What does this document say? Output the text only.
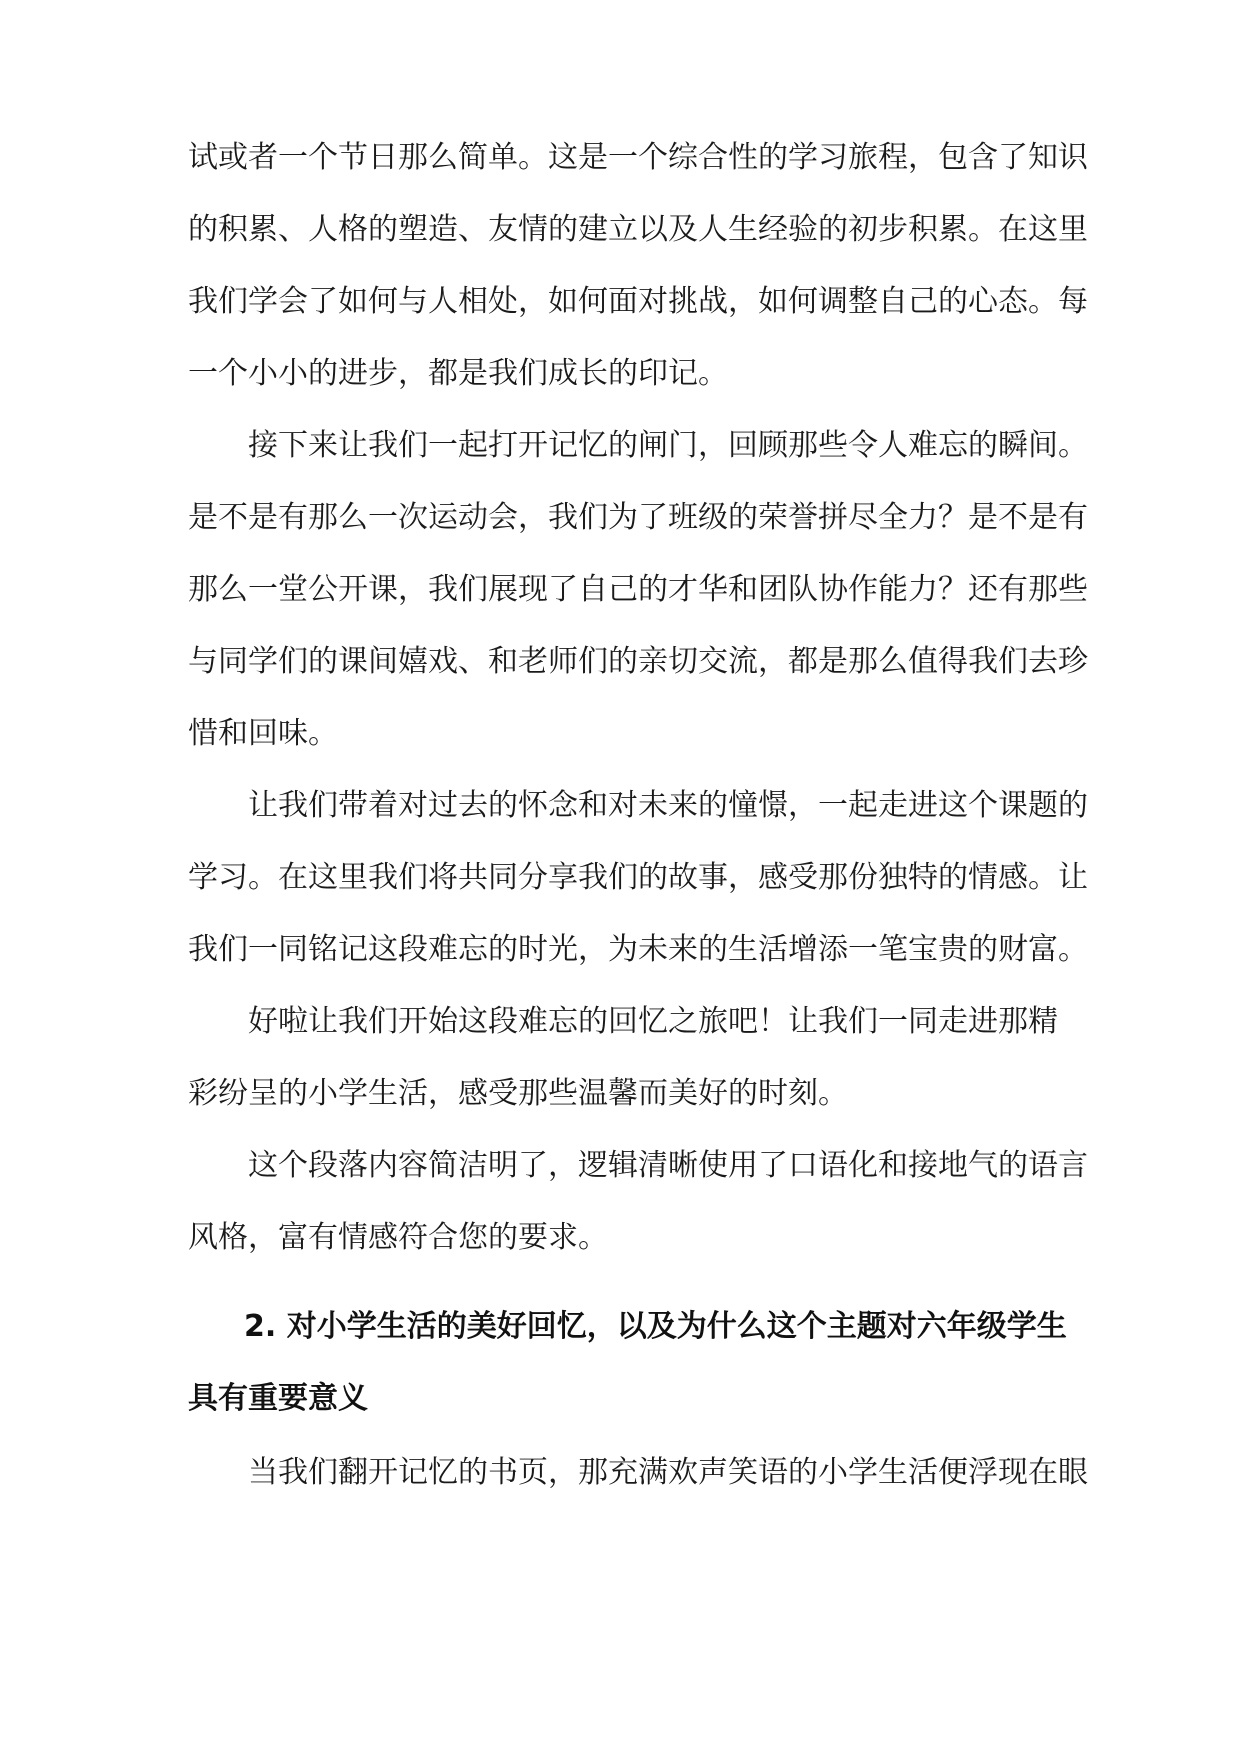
试或者一个节日那么简单。这是一个综合性的学习旅程，包含了知识

的积累、人格的塑造、友情的建立以及人生经验的初步积累。在这里

我们学会了如何与人相处，如何面对挑战，如何调整自己的心态。每

一个小小的进步，都是我们成长的印记。

接下来让我们一起打开记忆的闸门，回顾那些令人难忘的瞬间。

是不是有那么一次运动会，我们为了班级的荣誉拼尽全力？是不是有

那么一堂公开课，我们展现了自己的才华和团队协作能力？还有那些

与同学们的课间嬉戏、和老师们的亲切交流，都是那么值得我们去珍

惜和回味。

让我们带着对过去的怀念和对未来的憧憬，一起走进这个课题的

学习。在这里我们将共同分享我们的故事，感受那份独特的情感。让

我们一同铭记这段难忘的时光，为未来的生活增添一笔宝贵的财富。

好啦让我们开始这段难忘的回忆之旅吧！让我们一同走进那精

彩纷呈的小学生活，感受那些温馨而美好的时刻。

这个段落内容简洁明了，逻辑清晰使用了口语化和接地气的语言

风格，富有情感符合您的要求。

2. 对小学生活的美好回忆，以及为什么这个主题对六年级学生

具有重要意义

当我们翻开记忆的书页，那充满欢声笑语的小学生活便浮现在眼
